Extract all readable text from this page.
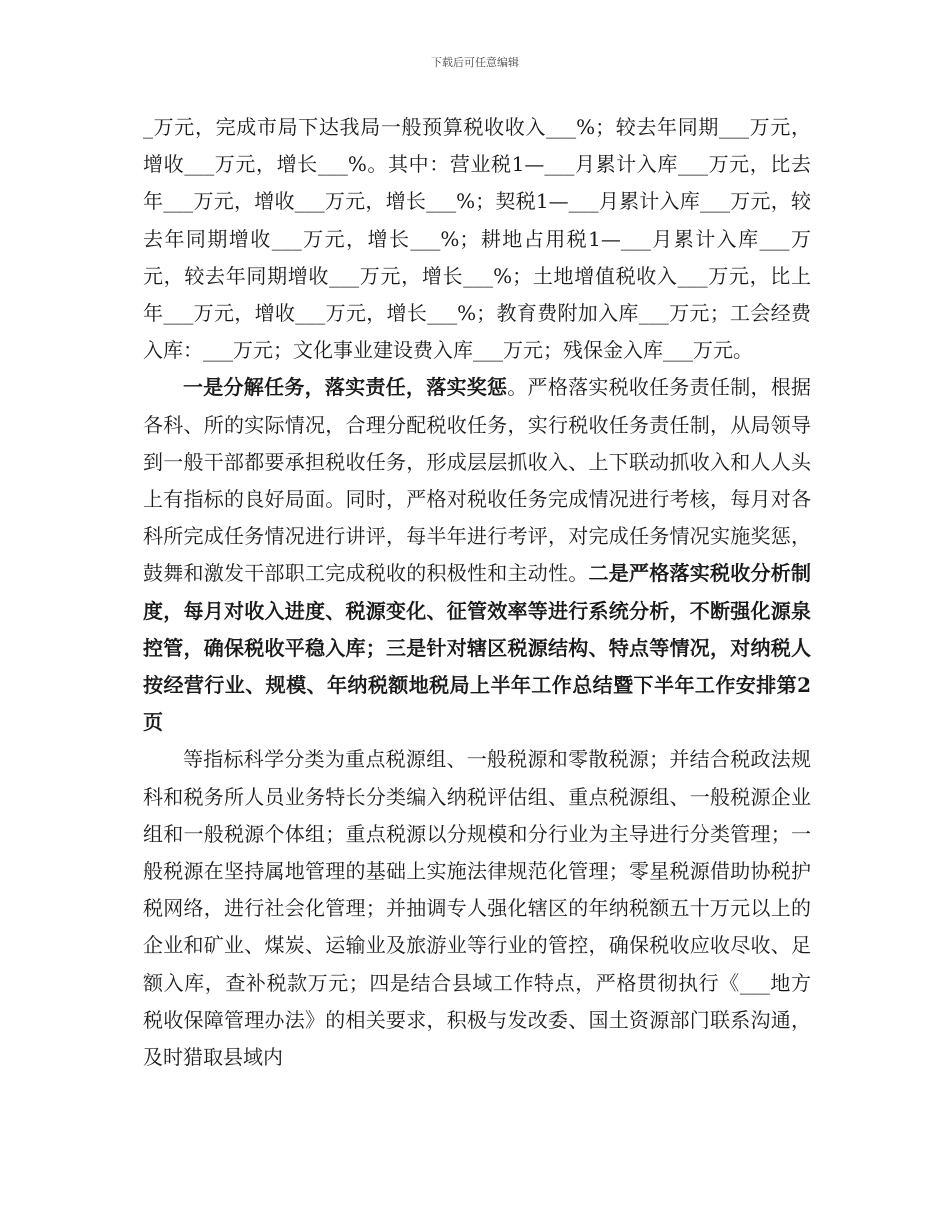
下载后可任意编辑

_万元，完成市局下达我局一般预算税收收入___%；较去年同期___万元，增收___万元，增长___%。其中：营业税1—___月累计入库___万元，比去年___万元，增收___万元，增长___%；契税1—___月累计入库___万元，较去年同期增收___万元，增长___%；耕地占用税1—___月累计入库___万元，较去年同期增收___万元，增长___%；土地增值税收入___万元，比上年___万元，增收___万元，增长___%；教育费附加入库___万元；工会经费入库：___万元；文化事业建设费入库___万元；残保金入库___万元。

一是分解任务，落实责任，落实奖惩。严格落实税收任务责任制，根据各科、所的实际情况，合理分配税收任务，实行税收任务责任制，从局领导到一般干部都要承担税收任务，形成层层抓收入、上下联动抓收入和人人头上有指标的良好局面。同时，严格对税收任务完成情况进行考核，每月对各科所完成任务情况进行讲评，每半年进行考评，对完成任务情况实施奖惩，鼓舞和激发干部职工完成税收的积极性和主动性。二是严格落实税收分析制度，每月对收入进度、税源变化、征管效率等进行系统分析，不断强化源泉控管，确保税收平稳入库；三是针对辖区税源结构、特点等情况，对纳税人按经营行业、规模、年纳税额地税局上半年工作总结暨下半年工作安排第2页

等指标科学分类为重点税源组、一般税源和零散税源；并结合税政法规科和税务所人员业务特长分类编入纳税评估组、重点税源组、一般税源企业组和一般税源个体组；重点税源以分规模和分行业为主导进行分类管理；一般税源在坚持属地管理的基础上实施法律规范化管理；零星税源借助协税护税网络，进行社会化管理；并抽调专人强化辖区的年纳税额五十万元以上的企业和矿业、煤炭、运输业及旅游业等行业的管控，确保税收应收尽收、足额入库，查补税款万元；四是结合县域工作特点，严格贯彻执行《___地方税收保障管理办法》的相关要求，积极与发改委、国土资源部门联系沟通，及时猎取县域内
